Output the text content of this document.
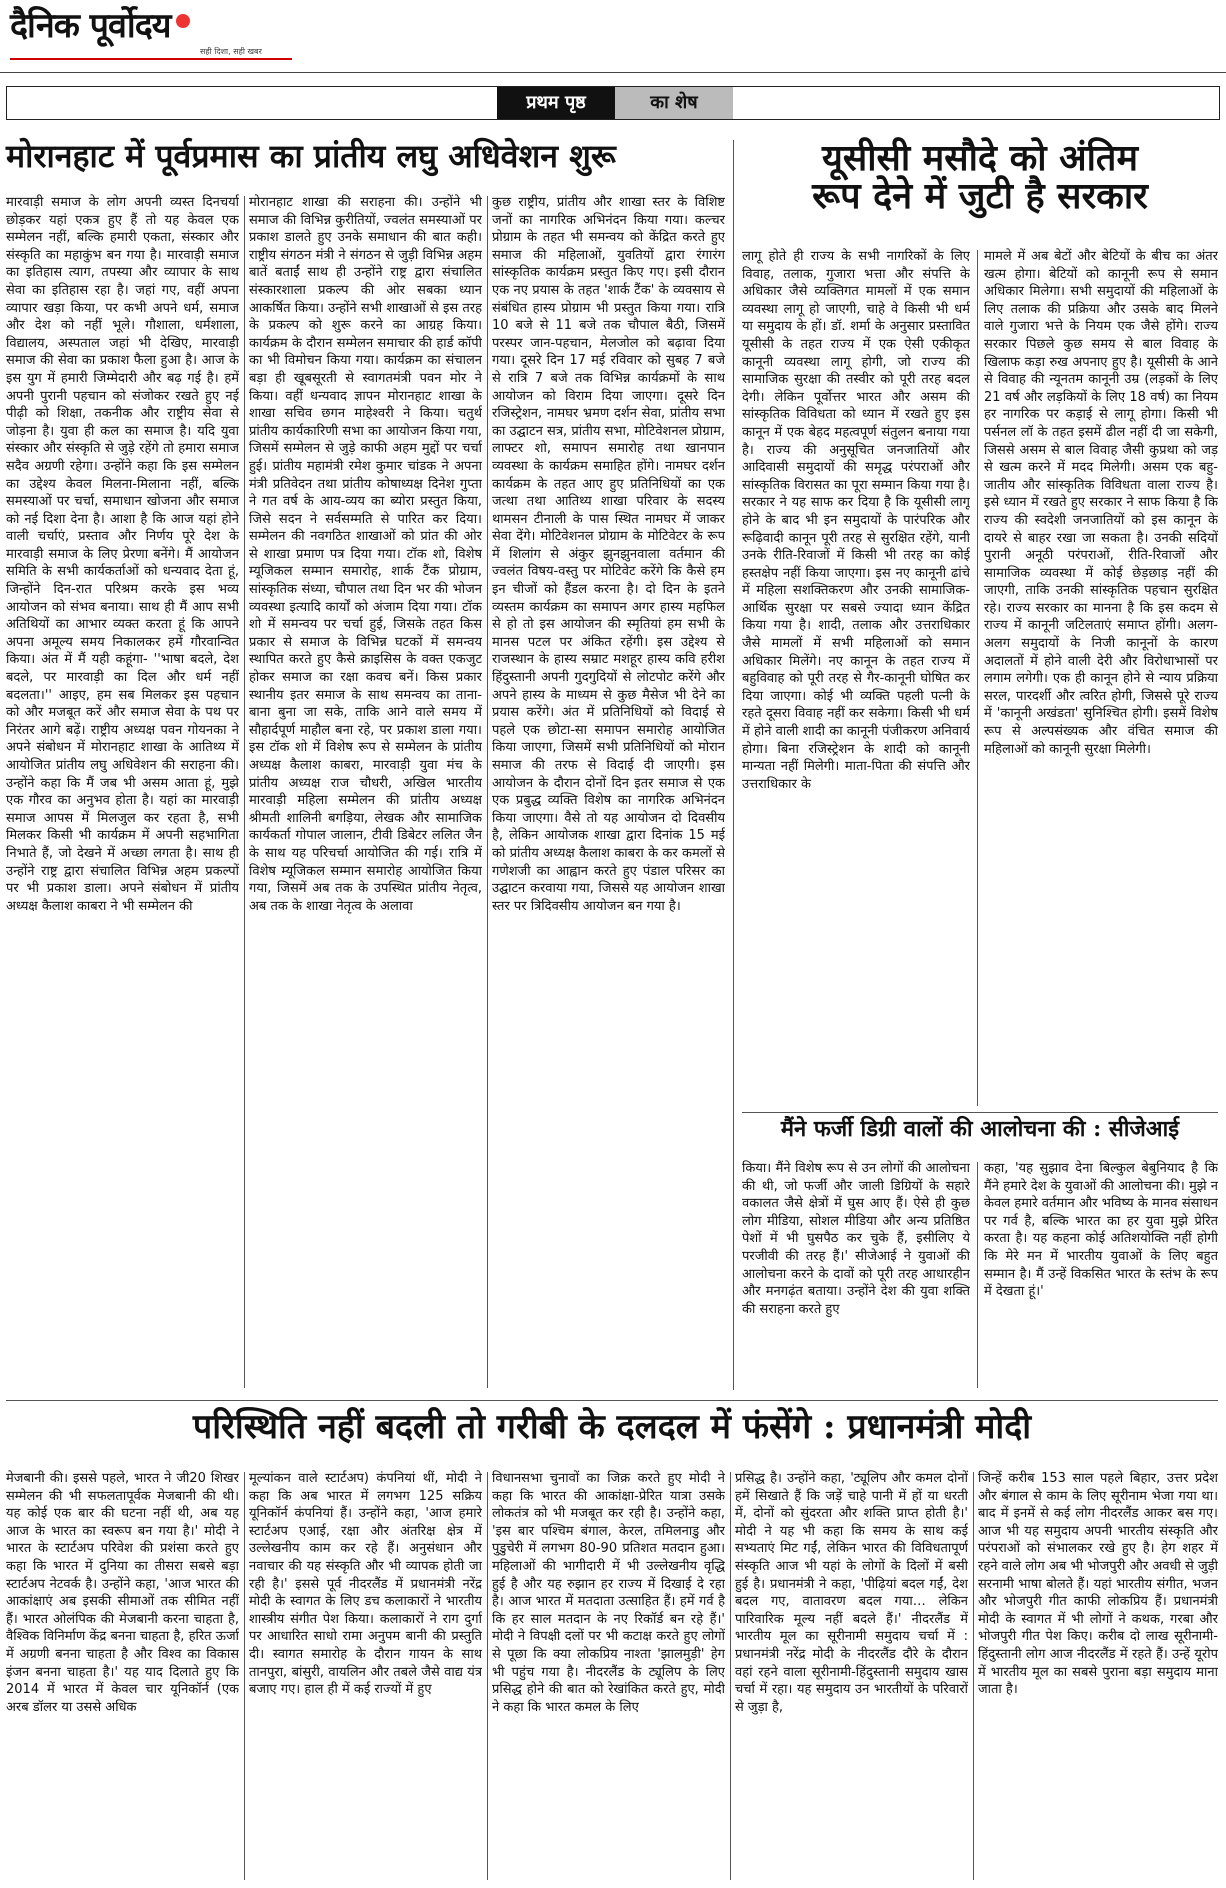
दैनिक पूर्वोदय
सही दिशा, सही खबर
प्रथम पृष्ठ	का शेष
मोरानहाट में पूर्वप्रमास का प्रांतीय लघु अधिवेशन शुरू
मारवाड़ी समाज के लोग अपनी व्यस्त दिनचर्या छोड़कर यहां एकत्र हुए हैं तो यह केवल एक सम्मेलन नहीं, बल्कि हमारी एकता, संस्कार और संस्कृति का महाकुंभ बन गया है। मारवाड़ी समाज का इतिहास त्याग, तपस्या और व्यापार के साथ सेवा का इतिहास रहा है। जहां गए, वहीं अपना व्यापार खड़ा किया, पर कभी अपने धर्म, समाज और देश को नहीं भूले। गौशाला, धर्मशाला, विद्यालय, अस्पताल जहां भी देखिए, मारवाड़ी समाज की सेवा का प्रकाश फैला हुआ है। आज के इस युग में हमारी जिम्मेदारी और बढ़ गई है। हमें अपनी पुरानी पहचान को संजोकर रखते हुए नई पीढ़ी को शिक्षा, तकनीक और राष्ट्रीय सेवा से जोड़ना है। युवा ही कल का समाज है। यदि युवा संस्कार और संस्कृति से जुड़े रहेंगे तो हमारा समाज सदैव अग्रणी रहेगा। उन्होंने कहा कि इस सम्मेलन का उद्देश्य केवल मिलना-मिलाना नहीं, बल्कि समस्याओं पर चर्चा, समाधान खोजना और समाज को नई दिशा देना है। आशा है कि आज यहां होने वाली चर्चाएं, प्रस्ताव और निर्णय पूरे देश के मारवाड़ी समाज के लिए प्रेरणा बनेंगे। मैं आयोजन समिति के सभी कार्यकर्ताओं को धन्यवाद देता हूं, जिन्होंने दिन-रात परिश्रम करके इस भव्य आयोजन को संभव बनाया। साथ ही मैं आप सभी अतिथियों का आभार व्यक्त करता हूं कि आपने अपना अमूल्य समय निकालकर हमें गौरवान्वित किया। अंत में मैं यही कहूंगा- ''भाषा बदले, देश बदले, पर मारवाड़ी का दिल और धर्म नहीं बदलता।'' आइए, हम सब मिलकर इस पहचान को और मजबूत करें और समाज सेवा के पथ पर निरंतर आगे बढ़ें। राष्ट्रीय अध्यक्ष पवन गोयनका ने अपने संबोधन में मोरानहाट शाखा के आतिथ्य में आयोजित प्रांतीय लघु अधिवेशन की सराहना की। उन्होंने कहा कि मैं जब भी असम आता हूं, मुझे एक गौरव का अनुभव होता है। यहां का मारवाड़ी समाज आपस में मिलजुल कर रहता है, सभी मिलकर किसी भी कार्यक्रम में अपनी सहभागिता निभाते हैं, जो देखने में अच्छा लगता है। साथ ही उन्होंने राष्ट्र द्वारा संचालित विभिन्न अहम प्रकल्पों पर भी प्रकाश डाला। अपने संबोधन में प्रांतीय अध्यक्ष कैलाश काबरा ने भी सम्मेलन की
मोरानहाट शाखा की सराहना की। उन्होंने भी समाज की विभिन्न कुरीतियों, ज्वलंत समस्याओं पर प्रकाश डालते हुए उनके समाधान की बात कही। राष्ट्रीय संगठन मंत्री ने संगठन से जुड़ी विभिन्न अहम बातें बताईं साथ ही उन्होंने राष्ट्र द्वारा संचालित संस्कारशाला प्रकल्प की ओर सबका ध्यान आकर्षित किया। उन्होंने सभी शाखाओं से इस तरह के प्रकल्प को शुरू करने का आग्रह किया। कार्यक्रम के दौरान सम्मेलन समाचार की हार्ड कॉपी का भी विमोचन किया गया। कार्यक्रम का संचालन बड़ा ही खूबसूरती से स्वागतमंत्री पवन मोर ने किया। वहीं धन्यवाद ज्ञापन मोरानहाट शाखा के शाखा सचिव छगन माहेश्वरी ने किया। चतुर्थ प्रांतीय कार्यकारिणी सभा का आयोजन किया गया, जिसमें सम्मेलन से जुड़े काफी अहम मुद्दों पर चर्चा हुई। प्रांतीय महामंत्री रमेश कुमार चांडक ने अपना मंत्री प्रतिवेदन तथा प्रांतीय कोषाध्यक्ष दिनेश गुप्ता ने गत वर्ष के आय-व्यय का ब्योरा प्रस्तुत किया, जिसे सदन ने सर्वसम्मति से पारित कर दिया। सम्मेलन की नवगठित शाखाओं को प्रांत की ओर से शाखा प्रमाण पत्र दिया गया। टॉक शो, विशेष म्यूजिकल सम्मान समारोह, शार्क टैंक प्रोग्राम, सांस्कृतिक संध्या, चौपाल तथा दिन भर की भोजन व्यवस्था इत्यादि कार्यों को अंजाम दिया गया। टॉक शो में समन्वय पर चर्चा हुई, जिसके तहत किस प्रकार से समाज के विभिन्न घटकों में समन्वय स्थापित करते हुए कैसे क्राइसिस के वक्त एकजुट होकर समाज का रक्षा कवच बनें। किस प्रकार स्थानीय इतर समाज के साथ समन्वय का ताना-बाना बुना जा सके, ताकि आने वाले समय में सौहार्दपूर्ण माहौल बना रहे, पर प्रकाश डाला गया। इस टॉक शो में विशेष रूप से सम्मेलन के प्रांतीय अध्यक्ष कैलाश काबरा, मारवाड़ी युवा मंच के प्रांतीय अध्यक्ष राज चौधरी, अखिल भारतीय मारवाड़ी महिला सम्मेलन की प्रांतीय अध्यक्ष श्रीमती शालिनी बगड़िया, लेखक और सामाजिक कार्यकर्ता गोपाल जालान, टीवी डिबेटर ललित जैन के साथ यह परिचर्चा आयोजित की गई। रात्रि में विशेष म्यूजिकल सम्मान समारोह आयोजित किया गया, जिसमें अब तक के उपस्थित प्रांतीय नेतृत्व, अब तक के शाखा नेतृत्व के अलावा
कुछ राष्ट्रीय, प्रांतीय और शाखा स्तर के विशिष्ट जनों का नागरिक अभिनंदन किया गया। कल्चर प्रोग्राम के तहत भी समन्वय को केंद्रित करते हुए समाज की महिलाओं, युवतियों द्वारा रंगारंग सांस्कृतिक कार्यक्रम प्रस्तुत किए गए। इसी दौरान एक नए प्रयास के तहत 'शार्क टैंक' के व्यवसाय से संबंधित हास्य प्रोग्राम भी प्रस्तुत किया गया। रात्रि 10 बजे से 11 बजे तक चौपाल बैठी, जिसमें परस्पर जान-पहचान, मेलजोल को बढ़ावा दिया गया। दूसरे दिन 17 मई रविवार को सुबह 7 बजे से रात्रि 7 बजे तक विभिन्न कार्यक्रमों के साथ आयोजन को विराम दिया जाएगा। दूसरे दिन रजिस्ट्रेशन, नामघर भ्रमण दर्शन सेवा, प्रांतीय सभा का उद्घाटन सत्र, प्रांतीय सभा, मोटिवेशनल प्रोग्राम, लाफ्टर शो, समापन समारोह तथा खानपान व्यवस्था के कार्यक्रम समाहित होंगे। नामघर दर्शन कार्यक्रम के तहत आए हुए प्रतिनिधियों का एक जत्था तथा आतिथ्य शाखा परिवार के सदस्य थामसन टीनाली के पास स्थित नामघर में जाकर सेवा देंगे। मोटिवेशनल प्रोग्राम के मोटिवेटर के रूप में शिलांग से अंकुर झुनझुनवाला वर्तमान की ज्वलंत विषय-वस्तु पर मोटिवेट करेंगे कि कैसे हम इन चीजों को हैंडल करना है। दो दिन के इतने व्यस्तम कार्यक्रम का समापन अगर हास्य महफिल से हो तो इस आयोजन की स्मृतियां हम सभी के मानस पटल पर अंकित रहेंगी। इस उद्देश्य से राजस्थान के हास्य सम्राट मशहूर हास्य कवि हरीश हिंदुस्तानी अपनी गुदगुदियों से लोटपोट करेंगे और अपने हास्य के माध्यम से कुछ मैसेज भी देने का प्रयास करेंगे। अंत में प्रतिनिधियों को विदाई से पहले एक छोटा-सा समापन समारोह आयोजित किया जाएगा, जिसमें सभी प्रतिनिधियों को मोरान समाज की तरफ से विदाई दी जाएगी। इस आयोजन के दौरान दोनों दिन इतर समाज से एक एक प्रबुद्ध व्यक्ति विशेष का नागरिक अभिनंदन किया जाएगा। वैसे तो यह आयोजन दो दिवसीय है, लेकिन आयोजक शाखा द्वारा दिनांक 15 मई को प्रांतीय अध्यक्ष कैलाश काबरा के कर कमलों से गणेशजी का आह्वान करते हुए पंडाल परिसर का उद्घाटन करवाया गया, जिससे यह आयोजन शाखा स्तर पर त्रिदिवसीय आयोजन बन गया है।
यूसीसी मसौदे को अंतिम
रूप देने में जुटी है सरकार
लागू होते ही राज्य के सभी नागरिकों के लिए विवाह, तलाक, गुजारा भत्ता और संपत्ति के अधिकार जैसे व्यक्तिगत मामलों में एक समान व्यवस्था लागू हो जाएगी, चाहे वे किसी भी धर्म या समुदाय के हों। डॉ. शर्मा के अनुसार प्रस्तावित यूसीसी के तहत राज्य में एक ऐसी एकीकृत कानूनी व्यवस्था लागू होगी, जो राज्य की सामाजिक सुरक्षा की तस्वीर को पूरी तरह बदल देगी। लेकिन पूर्वोत्तर भारत और असम की सांस्कृतिक विविधता को ध्यान में रखते हुए इस कानून में एक बेहद महत्वपूर्ण संतुलन बनाया गया है। राज्य की अनुसूचित जनजातियों और आदिवासी समुदायों की समृद्ध परंपराओं और सांस्कृतिक विरासत का पूरा सम्मान किया गया है। सरकार ने यह साफ कर दिया है कि यूसीसी लागू होने के बाद भी इन समुदायों के पारंपरिक और रूढ़िवादी कानून पूरी तरह से सुरक्षित रहेंगे, यानी उनके रीति-रिवाजों में किसी भी तरह का कोई हस्तक्षेप नहीं किया जाएगा। इस नए कानूनी ढांचे में महिला सशक्तिकरण और उनकी सामाजिक-आर्थिक सुरक्षा पर सबसे ज्यादा ध्यान केंद्रित किया गया है। शादी, तलाक और उत्तराधिकार जैसे मामलों में सभी महिलाओं को समान अधिकार मिलेंगे। नए कानून के तहत राज्य में बहुविवाह को पूरी तरह से गैर-कानूनी घोषित कर दिया जाएगा। कोई भी व्यक्ति पहली पत्नी के रहते दूसरा विवाह नहीं कर सकेगा। किसी भी धर्म में होने वाली शादी का कानूनी पंजीकरण अनिवार्य होगा। बिना रजिस्ट्रेशन के शादी को कानूनी मान्यता नहीं मिलेगी। माता-पिता की संपत्ति और उत्तराधिकार के
मामले में अब बेटों और बेटियों के बीच का अंतर खत्म होगा। बेटियों को कानूनी रूप से समान अधिकार मिलेगा। सभी समुदायों की महिलाओं के लिए तलाक की प्रक्रिया और उसके बाद मिलने वाले गुजारा भत्ते के नियम एक जैसे होंगे। राज्य सरकार पिछले कुछ समय से बाल विवाह के खिलाफ कड़ा रुख अपनाए हुए है। यूसीसी के आने से विवाह की न्यूनतम कानूनी उम्र (लड़कों के लिए 21 वर्ष और लड़कियों के लिए 18 वर्ष) का नियम हर नागरिक पर कड़ाई से लागू होगा। किसी भी पर्सनल लॉ के तहत इसमें ढील नहीं दी जा सकेगी, जिससे असम से बाल विवाह जैसी कुप्रथा को जड़ से खत्म करने में मदद मिलेगी। असम एक बहु-जातीय और सांस्कृतिक विविधता वाला राज्य है। इसे ध्यान में रखते हुए सरकार ने साफ किया है कि राज्य की स्वदेशी जनजातियों को इस कानून के दायरे से बाहर रखा जा सकता है। उनकी सदियों पुरानी अनूठी परंपराओं, रीति-रिवाजों और सामाजिक व्यवस्था में कोई छेड़छाड़ नहीं की जाएगी, ताकि उनकी सांस्कृतिक पहचान सुरक्षित रहे। राज्य सरकार का मानना है कि इस कदम से राज्य में कानूनी जटिलताएं समाप्त होंगी। अलग-अलग समुदायों के निजी कानूनों के कारण अदालतों में होने वाली देरी और विरोधाभासों पर लगाम लगेगी। एक ही कानून होने से न्याय प्रक्रिया सरल, पारदर्शी और त्वरित होगी, जिससे पूरे राज्य में 'कानूनी अखंडता' सुनिश्चित होगी। इसमें विशेष रूप से अल्पसंख्यक और वंचित समाज की महिलाओं को कानूनी सुरक्षा मिलेगी।
मैंने फर्जी डिग्री वालों की आलोचना की : सीजेआई
किया। मैंने विशेष रूप से उन लोगों की आलोचना की थी, जो फर्जी और जाली डिग्रियों के सहारे वकालत जैसे क्षेत्रों में घुस आए हैं। ऐसे ही कुछ लोग मीडिया, सोशल मीडिया और अन्य प्रतिष्ठित पेशों में भी घुसपैठ कर चुके हैं, इसीलिए ये परजीवी की तरह हैं।' सीजेआई ने युवाओं की आलोचना करने के दावों को पूरी तरह आधारहीन और मनगढ़ंत बताया। उन्होंने देश की युवा शक्ति की सराहना करते हुए
कहा, 'यह सुझाव देना बिल्कुल बेबुनियाद है कि मैंने हमारे देश के युवाओं की आलोचना की। मुझे न केवल हमारे वर्तमान और भविष्य के मानव संसाधन पर गर्व है, बल्कि भारत का हर युवा मुझे प्रेरित करता है। यह कहना कोई अतिशयोक्ति नहीं होगी कि मेरे मन में भारतीय युवाओं के लिए बहुत सम्मान है। मैं उन्हें विकसित भारत के स्तंभ के रूप में देखता हूं।'
परिस्थिति नहीं बदली तो गरीबी के दलदल में फंसेंगे : प्रधानमंत्री मोदी
मेजबानी की। इससे पहले, भारत ने जी20 शिखर सम्मेलन की भी सफलतापूर्वक मेजबानी की थी। यह कोई एक बार की घटना नहीं थी, अब यह आज के भारत का स्वरूप बन गया है।' मोदी ने भारत के स्टार्टअप परिवेश की प्रशंसा करते हुए कहा कि भारत में दुनिया का तीसरा सबसे बड़ा स्टार्टअप नेटवर्क है। उन्होंने कहा, 'आज भारत की आकांक्षाएं अब इसकी सीमाओं तक सीमित नहीं हैं। भारत ओलंपिक की मेजबानी करना चाहता है, वैश्विक विनिर्माण केंद्र बनना चाहता है, हरित ऊर्जा में अग्रणी बनना चाहता है और विश्व का विकास इंजन बनना चाहता है।' यह याद दिलाते हुए कि 2014 में भारत में केवल चार यूनिकॉर्न (एक अरब डॉलर या उससे अधिक
मूल्यांकन वाले स्टार्टअप) कंपनियां थीं, मोदी ने कहा कि अब भारत में लगभग 125 सक्रिय यूनिकॉर्न कंपनियां हैं। उन्होंने कहा, 'आज हमारे स्टार्टअप एआई, रक्षा और अंतरिक्ष क्षेत्र में उल्लेखनीय काम कर रहे हैं। अनुसंधान और नवाचार की यह संस्कृति और भी व्यापक होती जा रही है।' इससे पूर्व नीदरलैंड में प्रधानमंत्री नरेंद्र मोदी के स्वागत के लिए डच कलाकारों ने भारतीय शास्त्रीय संगीत पेश किया। कलाकारों ने राग दुर्गा पर आधारित साधो रामा अनुपम बानी की प्रस्तुति दी। स्वागत समारोह के दौरान गायन के साथ तानपुरा, बांसुरी, वायलिन और तबले जैसे वाद्य यंत्र बजाए गए। हाल ही में कई राज्यों में हुए
विधानसभा चुनावों का जिक्र करते हुए मोदी ने कहा कि भारत की आकांक्षा-प्रेरित यात्रा उसके लोकतंत्र को भी मजबूत कर रही है। उन्होंने कहा, 'इस बार पश्चिम बंगाल, केरल, तमिलनाडु और पुडुचेरी में लगभग 80-90 प्रतिशत मतदान हुआ। महिलाओं की भागीदारी में भी उल्लेखनीय वृद्धि हुई है और यह रुझान हर राज्य में दिखाई दे रहा है। आज भारत में मतदाता उत्साहित हैं। हमें गर्व है कि हर साल मतदान के नए रिकॉर्ड बन रहे हैं।' मोदी ने विपक्षी दलों पर भी कटाक्ष करते हुए लोगों से पूछा कि क्या लोकप्रिय नाश्ता 'झालमुड़ी' हेग भी पहुंच गया है। नीदरलैंड के ट्यूलिप के लिए प्रसिद्ध होने की बात को रेखांकित करते हुए, मोदी ने कहा कि भारत कमल के लिए
प्रसिद्ध है। उन्होंने कहा, 'ट्यूलिप और कमल दोनों हमें सिखाते हैं कि जड़ें चाहे पानी में हों या धरती में, दोनों को सुंदरता और शक्ति प्राप्त होती है।' मोदी ने यह भी कहा कि समय के साथ कई सभ्यताएं मिट गईं, लेकिन भारत की विविधतापूर्ण संस्कृति आज भी यहां के लोगों के दिलों में बसी हुई है। प्रधानमंत्री ने कहा, 'पीढ़ियां बदल गईं, देश बदल गए, वातावरण बदल गया… लेकिन पारिवारिक मूल्य नहीं बदले हैं।' नीदरलैंड में भारतीय मूल का सूरीनामी समुदाय चर्चा में : प्रधानमंत्री नरेंद्र मोदी के नीदरलैंड दौरे के दौरान वहां रहने वाला सूरीनामी-हिंदुस्तानी समुदाय खास चर्चा में रहा। यह समुदाय उन भारतीयों के परिवारों से जुड़ा है,
जिन्हें करीब 153 साल पहले बिहार, उत्तर प्रदेश और बंगाल से काम के लिए सूरीनाम भेजा गया था। बाद में इनमें से कई लोग नीदरलैंड आकर बस गए। आज भी यह समुदाय अपनी भारतीय संस्कृति और परंपराओं को संभालकर रखे हुए है। हेग शहर में रहने वाले लोग अब भी भोजपुरी और अवधी से जुड़ी सरनामी भाषा बोलते हैं। यहां भारतीय संगीत, भजन और भोजपुरी गीत काफी लोकप्रिय हैं। प्रधानमंत्री मोदी के स्वागत में भी लोगों ने कथक, गरबा और भोजपुरी गीत पेश किए। करीब दो लाख सूरीनामी-हिंदुस्तानी लोग आज नीदरलैंड में रहते हैं। उन्हें यूरोप में भारतीय मूल का सबसे पुराना बड़ा समुदाय माना जाता है।
